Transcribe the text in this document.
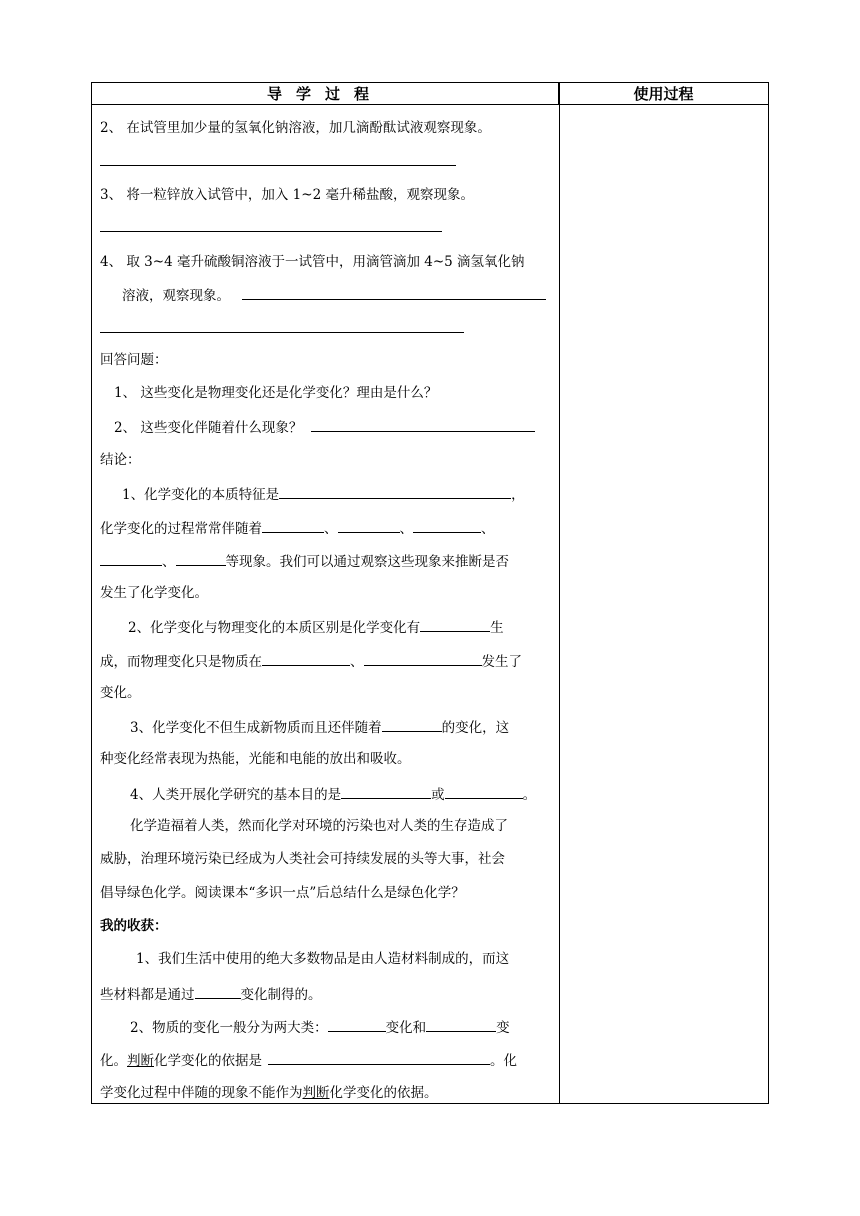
导学过程	使用过程
2、 在试管里加少量的氢氧化钠溶液，加几滴酚酞试液观察现象。
3、 将一粒锌放入试管中，加入 1~2 毫升稀盐酸，观察现象。
4、 取 3~4 毫升硫酸铜溶液于一试管中，用滴管滴加 4~5 滴氢氧化钠
溶液，观察现象。
回答问题：
1、 这些变化是物理变化还是化学变化？理由是什么？
2、 这些变化伴随着什么现象？
结论：
1、化学变化的本质特征是	，
化学变化的过程常常伴随着	、	、	、
、	等现象。我们可以通过观察这些现象来推断是否
发生了化学变化。
2、化学变化与物理变化的本质区别是化学变化有	生
成，而物理变化只是物质在	、	发生了
变化。
3、化学变化不但生成新物质而且还伴随着	的变化，这
种变化经常表现为热能，光能和电能的放出和吸收。
4、人类开展化学研究的基本目的是	或	。
化学造福着人类，然而化学对环境的污染也对人类的生存造成了
威胁，治理环境污染已经成为人类社会可持续发展的头等大事，社会
倡导绿色化学。阅读课本“多识一点”后总结什么是绿色化学？
我的收获：
1、我们生活中使用的绝大多数物品是由人造材料制成的，而这
些材料都是通过	变化制得的。
2、物质的变化一般分为两大类：	变化和	变
化。判断化学变化的依据是	。化
学变化过程中伴随的现象不能作为判断化学变化的依据。
